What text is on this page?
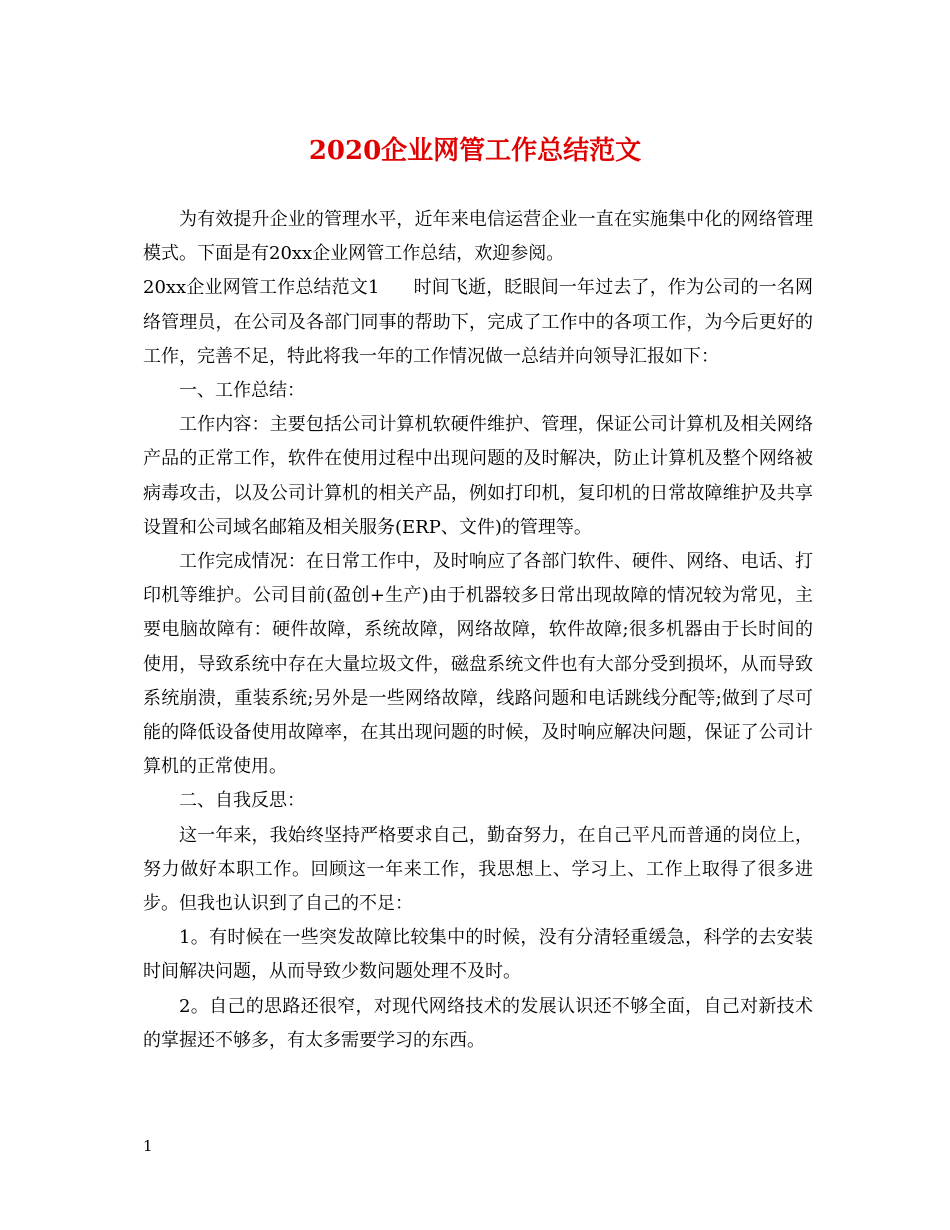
2020企业网管工作总结范文

为有效提升企业的管理水平，近年来电信运营企业一直在实施集中化的网络管理模式。下面是有20xx企业网管工作总结，欢迎参阅。

20xx企业网管工作总结范文1 时间飞逝，眨眼间一年过去了，作为公司的一名网络管理员，在公司及各部门同事的帮助下，完成了工作中的各项工作，为今后更好的工作，完善不足，特此将我一年的工作情况做一总结并向领导汇报如下：

一、工作总结：

工作内容：主要包括公司计算机软硬件维护、管理，保证公司计算机及相关网络产品的正常工作，软件在使用过程中出现问题的及时解决，防止计算机及整个网络被病毒攻击，以及公司计算机的相关产品，例如打印机，复印机的日常故障维护及共享设置和公司域名邮箱及相关服务(ERP、文件)的管理等。

工作完成情况：在日常工作中，及时响应了各部门软件、硬件、网络、电话、打印机等维护。公司目前(盈创+生产)由于机器较多日常出现故障的情况较为常见，主要电脑故障有：硬件故障，系统故障，网络故障，软件故障;很多机器由于长时间的使用，导致系统中存在大量垃圾文件，磁盘系统文件也有大部分受到损坏，从而导致系统崩溃，重装系统;另外是一些网络故障，线路问题和电话跳线分配等;做到了尽可能的降低设备使用故障率，在其出现问题的时候，及时响应解决问题，保证了公司计算机的正常使用。

二、自我反思：

这一年来，我始终坚持严格要求自己，勤奋努力，在自己平凡而普通的岗位上，努力做好本职工作。回顾这一年来工作，我思想上、学习上、工作上取得了很多进步。但我也认识到了自己的不足：

1。有时候在一些突发故障比较集中的时候，没有分清轻重缓急，科学的去安装时间解决问题，从而导致少数问题处理不及时。

2。自己的思路还很窄，对现代网络技术的发展认识还不够全面，自己对新技术的掌握还不够多，有太多需要学习的东西。

1
